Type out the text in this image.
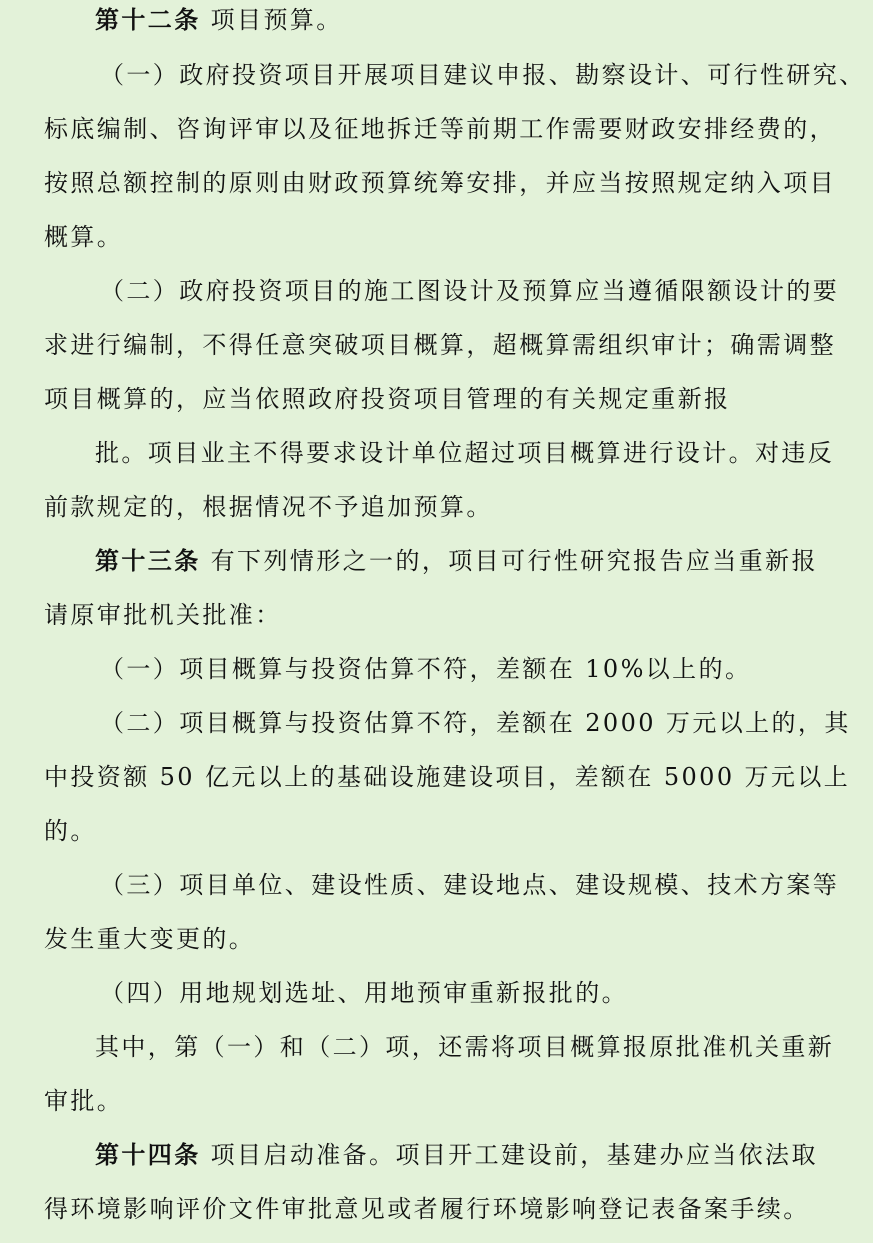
第十二条 项目预算。
（一）政府投资项目开展项目建议申报、勘察设计、可行性研究、
标底编制、咨询评审以及征地拆迁等前期工作需要财政安排经费的，
按照总额控制的原则由财政预算统筹安排，并应当按照规定纳入项目
概算。
（二）政府投资项目的施工图设计及预算应当遵循限额设计的要
求进行编制，不得任意突破项目概算，超概算需组织审计；确需调整
项目概算的，应当依照政府投资项目管理的有关规定重新报
批。项目业主不得要求设计单位超过项目概算进行设计。对违反
前款规定的，根据情况不予追加预算。
第十三条 有下列情形之一的，项目可行性研究报告应当重新报
请原审批机关批准：
（一）项目概算与投资估算不符，差额在 10%以上的。
（二）项目概算与投资估算不符，差额在 2000 万元以上的，其
中投资额 50 亿元以上的基础设施建设项目，差额在 5000 万元以上
的。
（三）项目单位、建设性质、建设地点、建设规模、技术方案等
发生重大变更的。
（四）用地规划选址、用地预审重新报批的。
其中，第（一）和（二）项，还需将项目概算报原批准机关重新
审批。
第十四条 项目启动准备。项目开工建设前，基建办应当依法取
得环境影响评价文件审批意见或者履行环境影响登记表备案手续。
